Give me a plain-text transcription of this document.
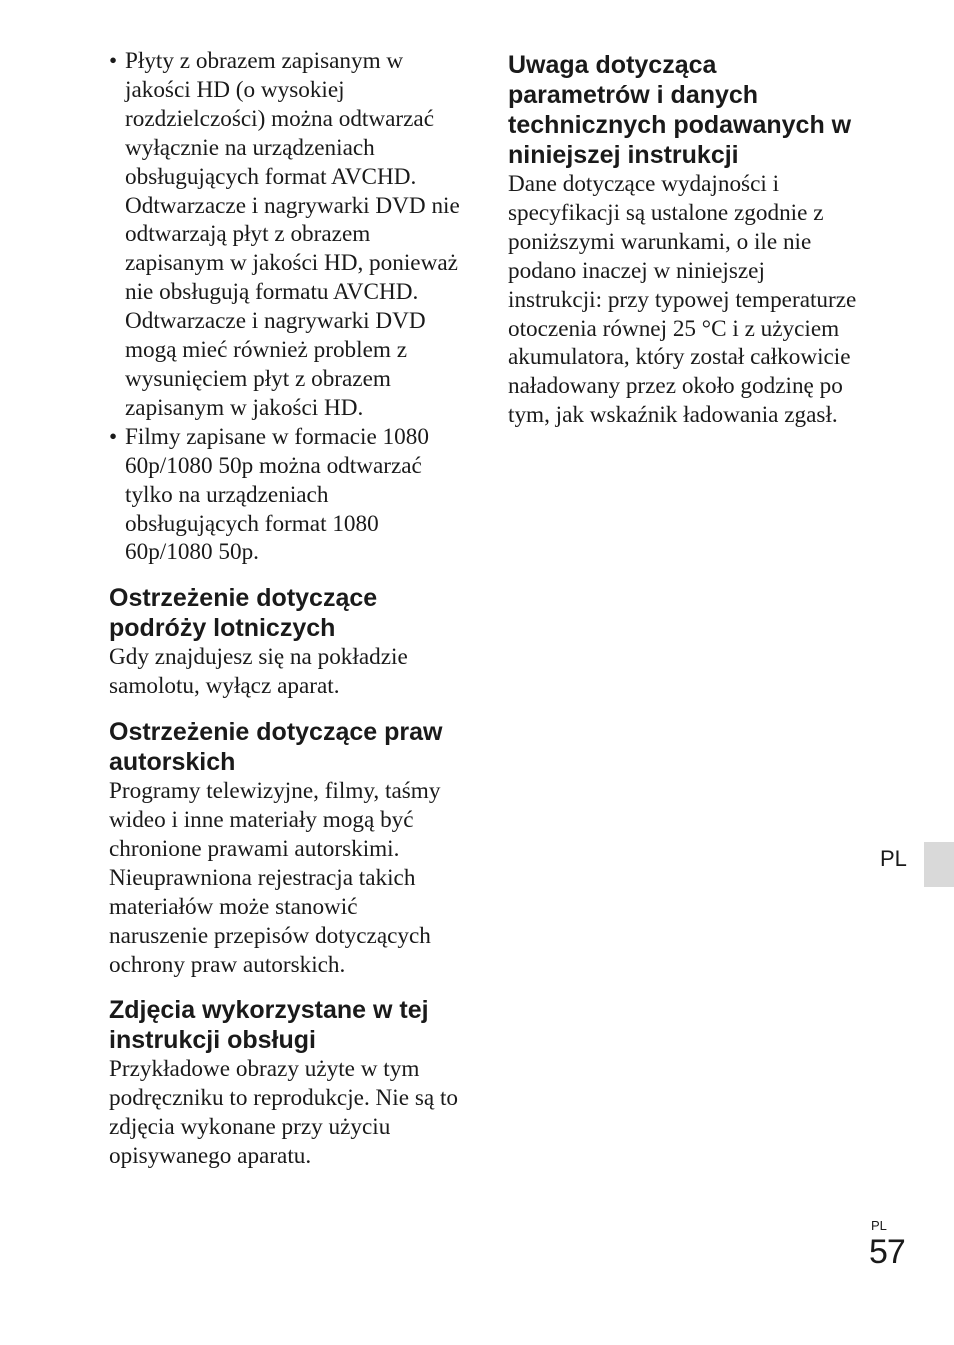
• Płyty z obrazem zapisanym w jakości HD (o wysokiej rozdzielczości) można odtwarzać wyłącznie na urządzeniach obsługujących format AVCHD. Odtwarzacze i nagrywarki DVD nie odtwarzają płyt z obrazem zapisanym w jakości HD, ponieważ nie obsługują formatu AVCHD. Odtwarzacze i nagrywarki DVD mogą mieć również problem z wysunięciem płyt z obrazem zapisanym w jakości HD.
• Filmy zapisane w formacie 1080 60p/1080 50p można odtwarzać tylko na urządzeniach obsługujących format 1080 60p/1080 50p.
Ostrzeżenie dotyczące podróży lotniczych

Gdy znajdujesz się na pokładzie samolotu, wyłącz aparat.

Ostrzeżenie dotyczące praw autorskich

Programy telewizyjne, filmy, taśmy wideo i inne materiały mogą być chronione prawami autorskimi. Nieuprawniona rejestracja takich materiałów może stanowić naruszenie przepisów dotyczących ochrony praw autorskich.

Zdjęcia wykorzystane w tej instrukcji obsługi

Przykładowe obrazy użyte w tym podręczniku to reprodukcje. Nie są to zdjęcia wykonane przy użyciu opisywanego aparatu.

Uwaga dotycząca parametrów i danych technicznych podawanych w niniejszej instrukcji

Dane dotyczące wydajności i specyfikacji są ustalone zgodnie z poniższymi warunkami, o ile nie podano inaczej w niniejszej instrukcji: przy typowej temperaturze otoczenia równej 25 °C i z użyciem akumulatora, który został całkowicie naładowany przez około godzinę po tym, jak wskaźnik ładowania zgasł.

PL
PL
57
